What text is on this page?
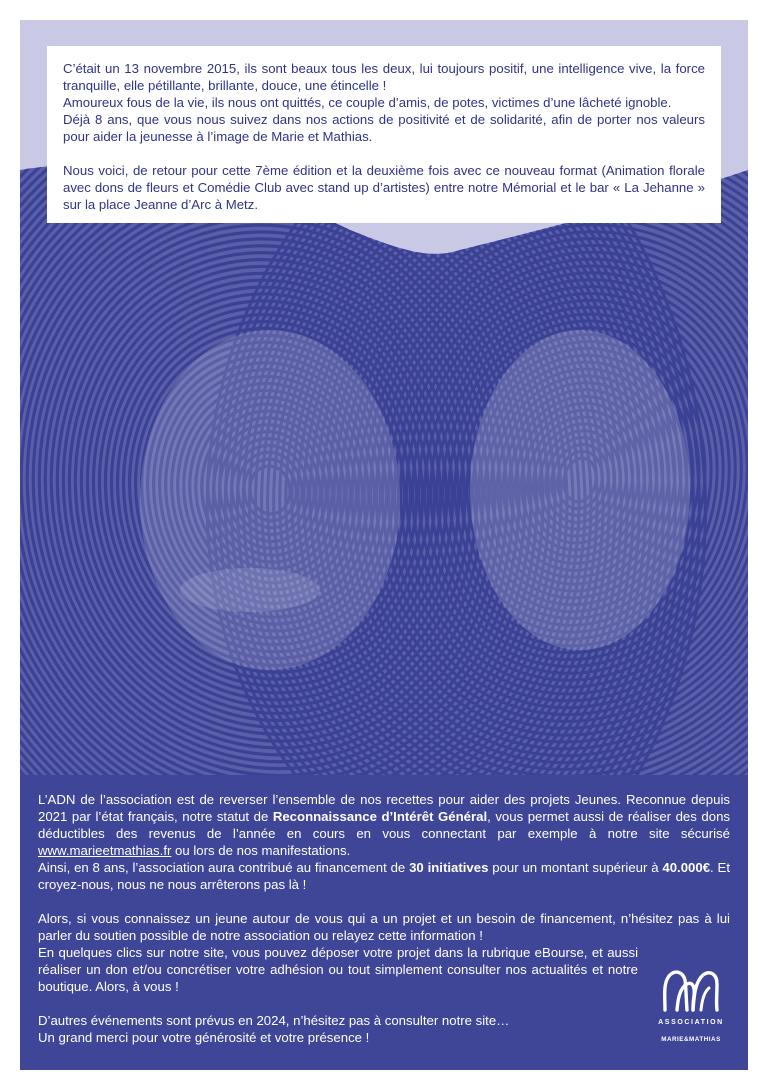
C’était un 13 novembre 2015, ils sont beaux tous les deux, lui toujours positif, une intelligence vive, la force tranquille, elle pétillante, brillante, douce, une étincelle !

Amoureux fous de la vie, ils nous ont quittés, ce couple d’amis, de potes, victimes d’une lâcheté ignoble.

Déjà 8 ans, que vous nous suivez dans nos actions de positivité et de solidarité, afin de porter nos valeurs pour aider la jeunesse à l’image de Marie et Mathias.

Nous voici, de retour pour cette 7ème édition et la deuxième fois avec ce nouveau format (Animation florale avec dons de fleurs et Comédie Club avec stand up d’artistes) entre notre Mémorial et le bar « La Jehanne » sur la place Jeanne d’Arc à Metz.

L’ADN de l’association est de reverser l’ensemble de nos recettes pour aider des projets Jeunes. Reconnue depuis 2021 par l’état français, notre statut de Reconnaissance d’Intérêt Général, vous permet aussi de réaliser des dons déductibles des revenus de l’année en cours en vous connectant par exemple à notre site sécurisé www.marieetmathias.fr ou lors de nos manifestations.

Ainsi, en 8 ans, l’association aura contribué au financement de 30 initiatives pour un montant supérieur à 40.000€. Et croyez-nous, nous ne nous arrêterons pas là !

Alors, si vous connaissez un jeune autour de vous qui a un projet et un besoin de financement, n’hésitez pas à lui parler du soutien possible de notre association ou relayez cette information !

En quelques clics sur notre site, vous pouvez déposer votre projet dans la rubrique eBourse, et aussi réaliser un don et/ou concrétiser votre adhésion ou tout simplement consulter nos actualités et notre boutique. Alors, à vous !

D’autres événements sont prévus en 2024, n’hésitez pas à consulter notre site…

Un grand merci pour votre générosité et votre présence !

ASSOCIATION
MARIE&MATHIAS
